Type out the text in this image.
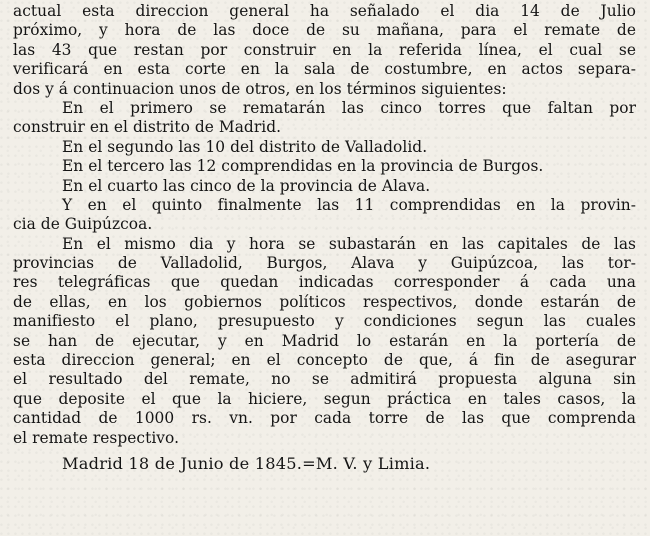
actual esta direccion general ha señalado el dia 14 de Julio
próximo, y hora de las doce de su mañana, para el remate de
las 43 que restan por construir en la referida línea, el cual se
verificará en esta corte en la sala de costumbre, en actos separa-
dos y á continuacion unos de otros, en los términos siguientes:
En el primero se rematarán las cinco torres que faltan por
construir en el distrito de Madrid.
En el segundo las 10 del distrito de Valladolid.
En el tercero las 12 comprendidas en la provincia de Burgos.
En el cuarto las cinco de la provincia de Alava.
Y en el quinto finalmente las 11 comprendidas en la provin-
cia de Guipúzcoa.
En el mismo dia y hora se subastarán en las capitales de las
provincias de Valladolid, Burgos, Alava y Guipúzcoa, las tor-
res telegráficas que quedan indicadas corresponder á cada una
de ellas, en los gobiernos políticos respectivos, donde estarán de
manifiesto el plano, presupuesto y condiciones segun las cuales
se han de ejecutar, y en Madrid lo estarán en la portería de
esta direccion general; en el concepto de que, á fin de asegurar
el resultado del remate, no se admitirá propuesta alguna sin
que deposite el que la hiciere, segun práctica en tales casos, la
cantidad de 1000 rs. vn. por cada torre de las que comprenda
el remate respectivo.
Madrid 18 de Junio de 1845.=M. V. y Limia.
